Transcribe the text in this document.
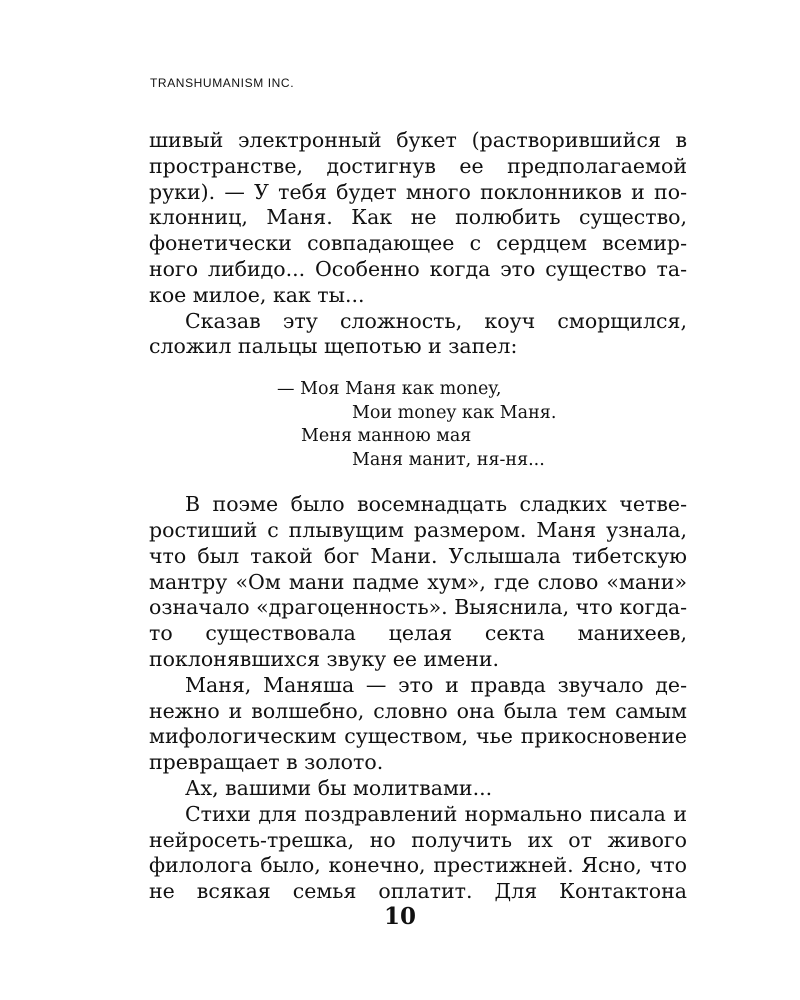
TRANSHUMANISM INC.

шивый электронный букет (растворившийся в пространстве, достигнув ее предполагаемой руки). — У тебя будет много поклонников и поклонниц, Маня. Как не полюбить существо, фонетически совпадающее с сердцем всемирного либидо... Особенно когда это существо такое милое, как ты...

Сказав эту сложность, коуч сморщился, сложил пальцы щепотью и запел:

— Моя Маня как money,
Мои money как Маня.
Меня манною мая
Маня манит, ня-ня...

В поэме было восемнадцать сладких четверостиший с плывущим размером. Маня узнала, что был такой бог Мани. Услышала тибетскую мантру «Ом мани падме хум», где слово «мани» означало «драгоценность». Выяснила, что когда-то существовала целая секта манихеев, поклонявшихся звуку ее имени.

Маня, Маняша — это и правда звучало денежно и волшебно, словно она была тем самым мифологическим существом, чье прикосновение превращает в золото.

Ах, вашими бы молитвами...

Стихи для поздравлений нормально писала и нейросеть-трешка, но получить их от живого филолога было, конечно, престижней. Ясно, что не всякая семья оплатит. Для Контактона

10
